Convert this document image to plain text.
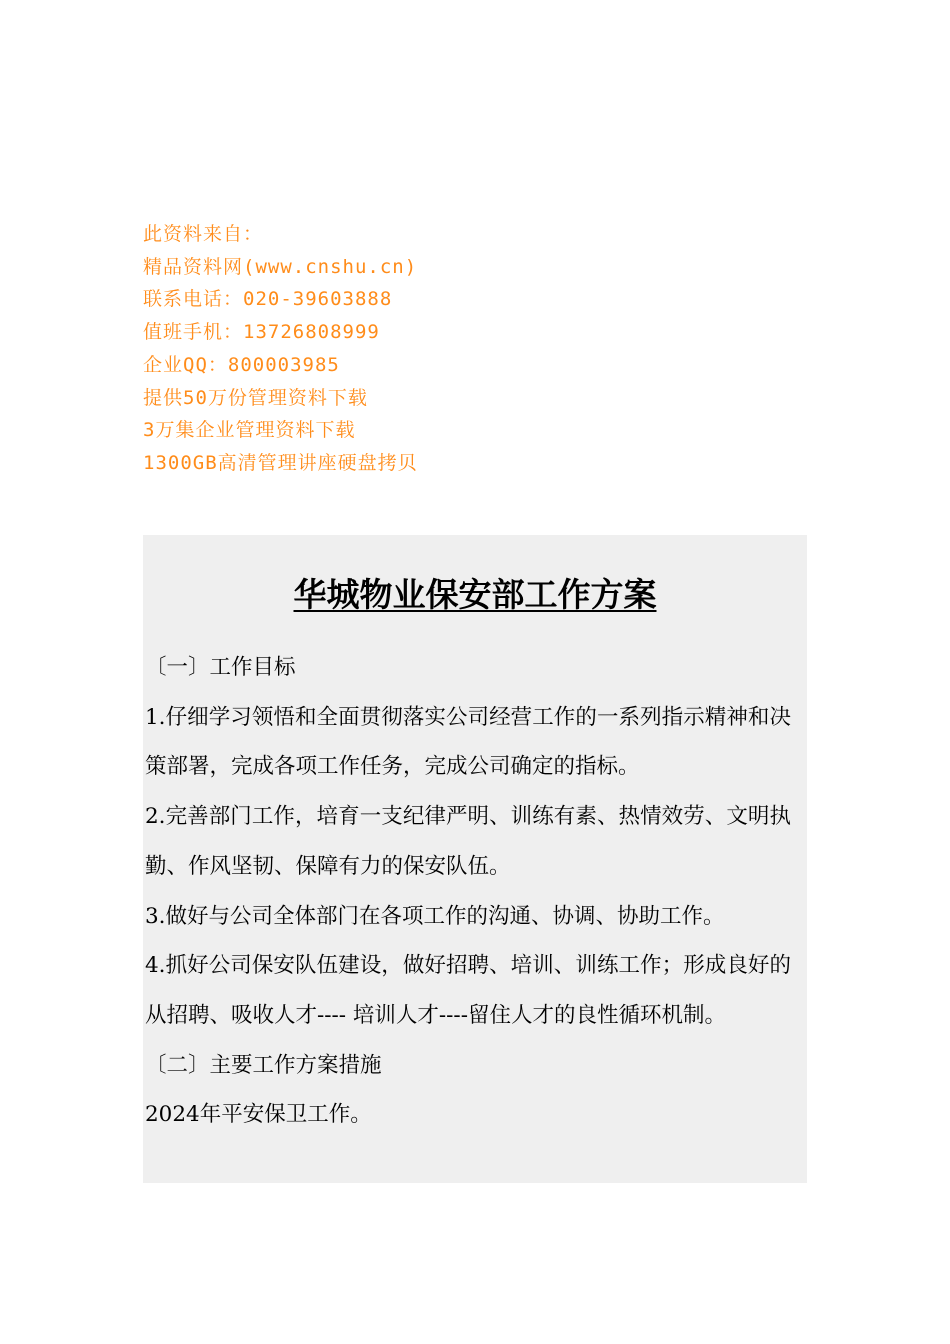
此资料来自：
精品资料网(www.cnshu.cn)
联系电话：020-39603888
值班手机：13726808999
企业QQ：800003985
提供50万份管理资料下载
3万集企业管理资料下载
1300GB高清管理讲座硬盘拷贝
华城物业保安部工作方案

〔一〕工作目标

1.仔细学习领悟和全面贯彻落实公司经营工作的一系列指示精神和决策部署，完成各项工作任务，完成公司确定的指标。

2.完善部门工作，培育一支纪律严明、训练有素、热情效劳、文明执勤、作风坚韧、保障有力的保安队伍。

3.做好与公司全体部门在各项工作的沟通、协调、协助工作。

4.抓好公司保安队伍建设，做好招聘、培训、训练工作；形成良好的从招聘、吸收人才---- 培训人才----留住人才的良性循环机制。

〔二〕主要工作方案措施

2024年平安保卫工作。
